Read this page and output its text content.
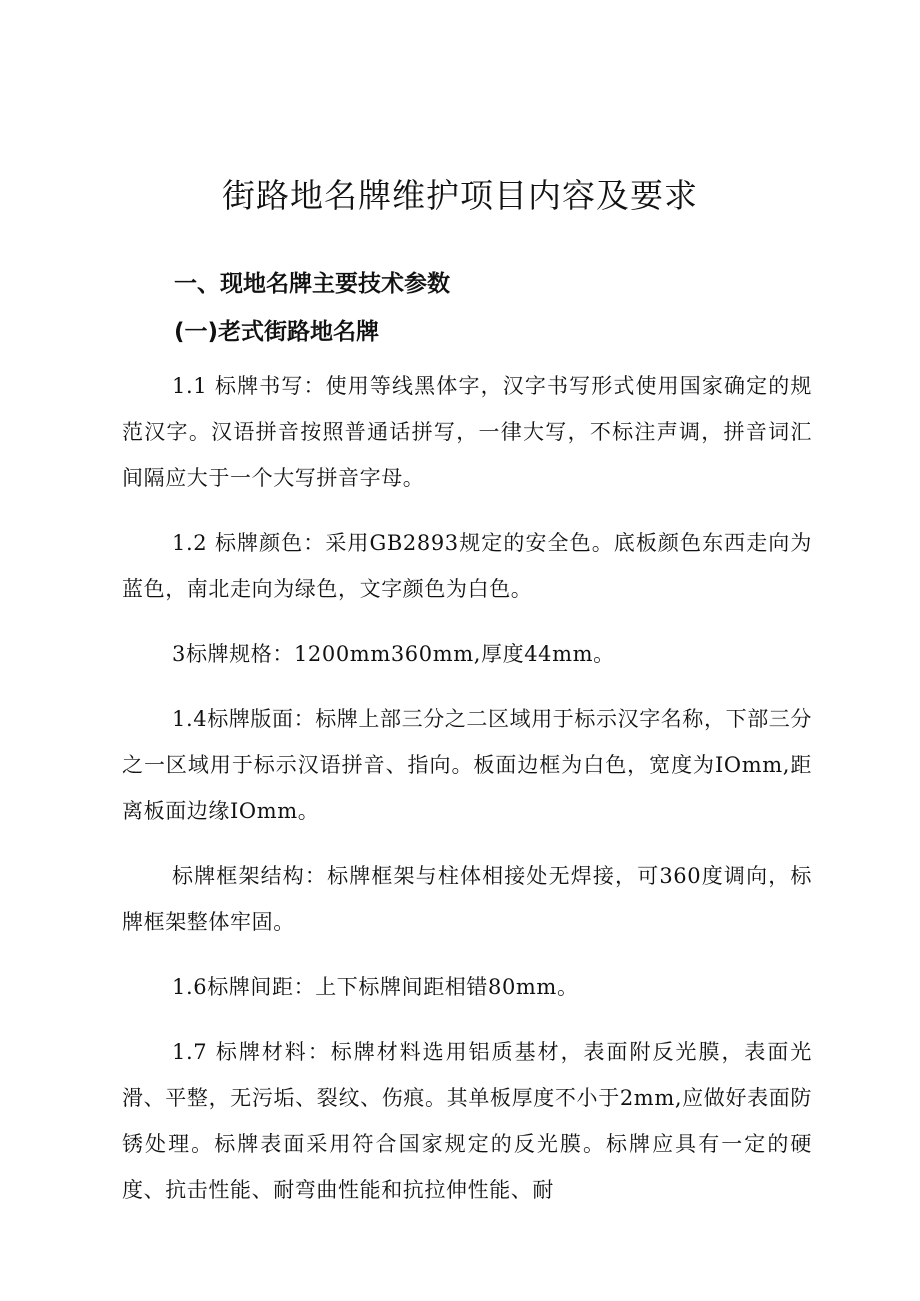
街路地名牌维护项目内容及要求
一、现地名牌主要技术参数
(一)老式街路地名牌

1.1 标牌书写：使用等线黑体字，汉字书写形式使用国家确定的规范汉字。汉语拼音按照普通话拼写，一律大写，不标注声调，拼音词汇间隔应大于一个大写拼音字母。

1.2 标牌颜色：采用GB2893规定的安全色。底板颜色东西走向为蓝色，南北走向为绿色，文字颜色为白色。

3标牌规格：1200mm360mm,厚度44mm。

1.4标牌版面：标牌上部三分之二区域用于标示汉字名称，下部三分之一区域用于标示汉语拼音、指向。板面边框为白色，宽度为IOmm,距离板面边缘IOmm。

标牌框架结构：标牌框架与柱体相接处无焊接，可360度调向，标牌框架整体牢固。

1.6标牌间距：上下标牌间距相错80mm。

1.7 标牌材料：标牌材料选用铝质基材，表面附反光膜，表面光滑、平整，无污垢、裂纹、伤痕。其单板厚度不小于2mm,应做好表面防锈处理。标牌表面采用符合国家规定的反光膜。标牌应具有一定的硬度、抗击性能、耐弯曲性能和抗拉伸性能、耐
